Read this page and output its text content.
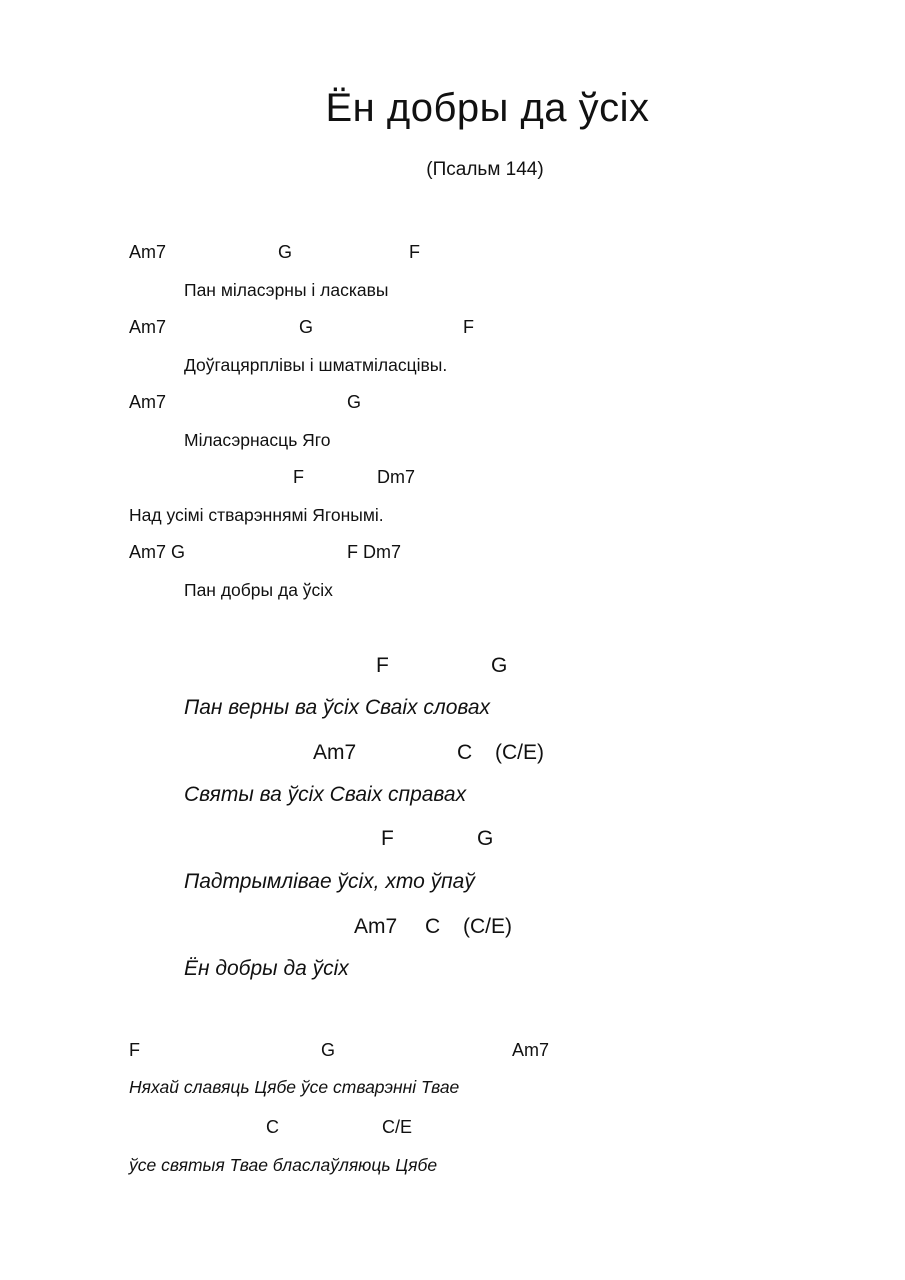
Ён добры да ўсіх
(Псальм 144)
Am7	G	F
Пан міласэрны і ласкавы
Am7	G	F
Доўгацярплівы і шматміласцівы.
Am7	G
Міласэрнасць Яго
F	Dm7
Над усімі стварэннямі Ягонымі.
Am7 G	F Dm7
Пан добры да ўсіх
F	G
Пан верны ва ўсіх Сваіх словах
Am7	C (C/E)
Святы ва ўсіх Сваіх справах
F	G
Падтрымлівае ўсіх, хто ўпаў
Am7 C (C/E)
Ён добры да ўсіх
F	G	Am7
Няхай славяць Цябе ўсе стварэнні Твае
C	C/E
ўсе святыя Твае бласлаўляюць Цябе
